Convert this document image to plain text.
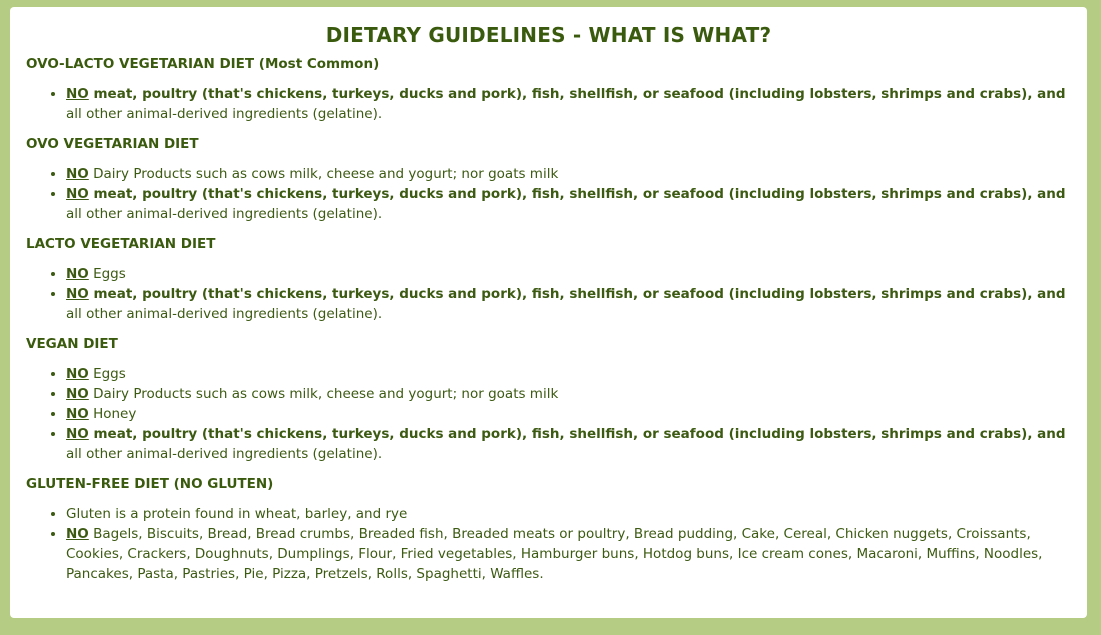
DIETARY GUIDELINES - WHAT IS WHAT?
OVO-LACTO VEGETARIAN DIET (Most Common)
• NO meat, poultry (that's chickens, turkeys, ducks and pork), fish, shellfish, or seafood (including lobsters, shrimps and crabs), and all other animal-derived ingredients (gelatine).
OVO VEGETARIAN DIET
• NO Dairy Products such as cows milk, cheese and yogurt; nor goats milk
• NO meat, poultry (that's chickens, turkeys, ducks and pork), fish, shellfish, or seafood (including lobsters, shrimps and crabs), and all other animal-derived ingredients (gelatine).
LACTO VEGETARIAN DIET
• NO Eggs
• NO meat, poultry (that's chickens, turkeys, ducks and pork), fish, shellfish, or seafood (including lobsters, shrimps and crabs), and all other animal-derived ingredients (gelatine).
VEGAN DIET
• NO Eggs
• NO Dairy Products such as cows milk, cheese and yogurt; nor goats milk
• NO Honey
• NO meat, poultry (that's chickens, turkeys, ducks and pork), fish, shellfish, or seafood (including lobsters, shrimps and crabs), and all other animal-derived ingredients (gelatine).
GLUTEN-FREE DIET (NO GLUTEN)
• Gluten is a protein found in wheat, barley, and rye
• NO Bagels, Biscuits, Bread, Bread crumbs, Breaded fish, Breaded meats or poultry, Bread pudding, Cake, Cereal, Chicken nuggets, Croissants, Cookies, Crackers, Doughnuts, Dumplings, Flour, Fried vegetables, Hamburger buns, Hotdog buns, Ice cream cones, Macaroni, Muffins, Noodles, Pancakes, Pasta, Pastries, Pie, Pizza, Pretzels, Rolls, Spaghetti, Waffles.
